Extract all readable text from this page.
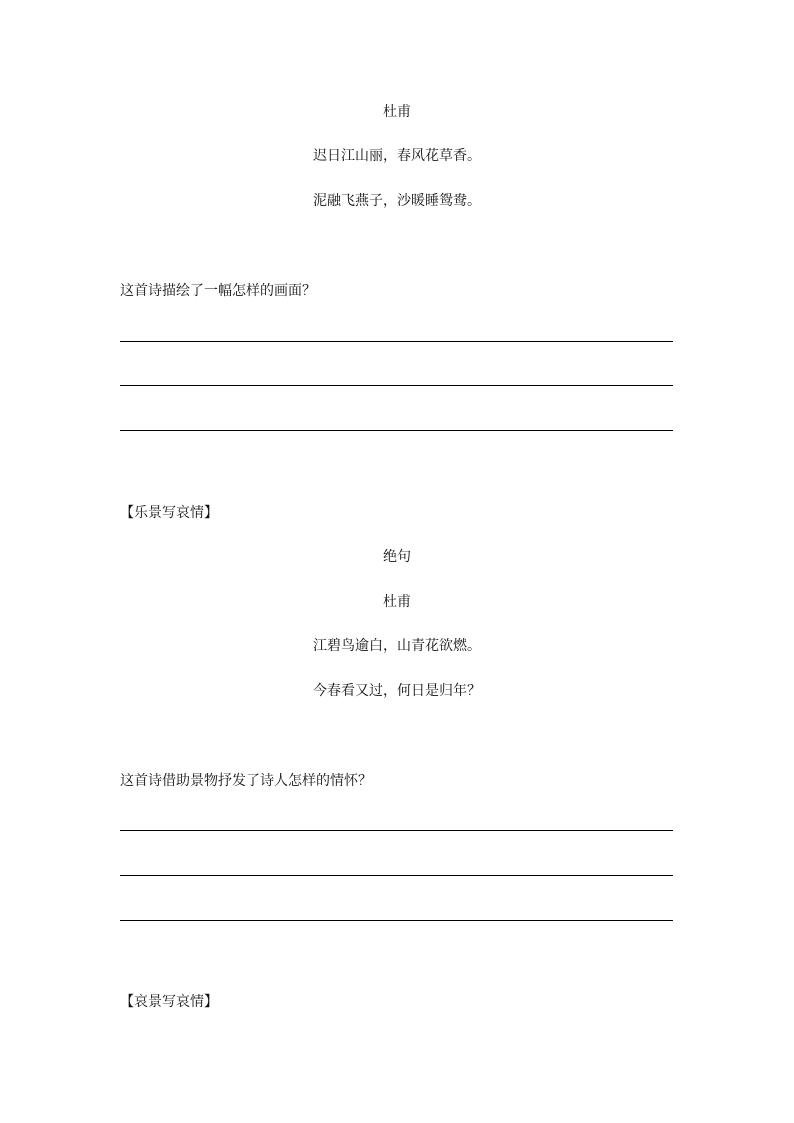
杜甫
迟日江山丽，春风花草香。
泥融飞燕子，沙暖睡鸳鸯。
这首诗描绘了一幅怎样的画面？
【乐景写哀情】
绝句
杜甫
江碧鸟逾白，山青花欲燃。
今春看又过，何日是归年？
这首诗借助景物抒发了诗人怎样的情怀？
【哀景写哀情】
